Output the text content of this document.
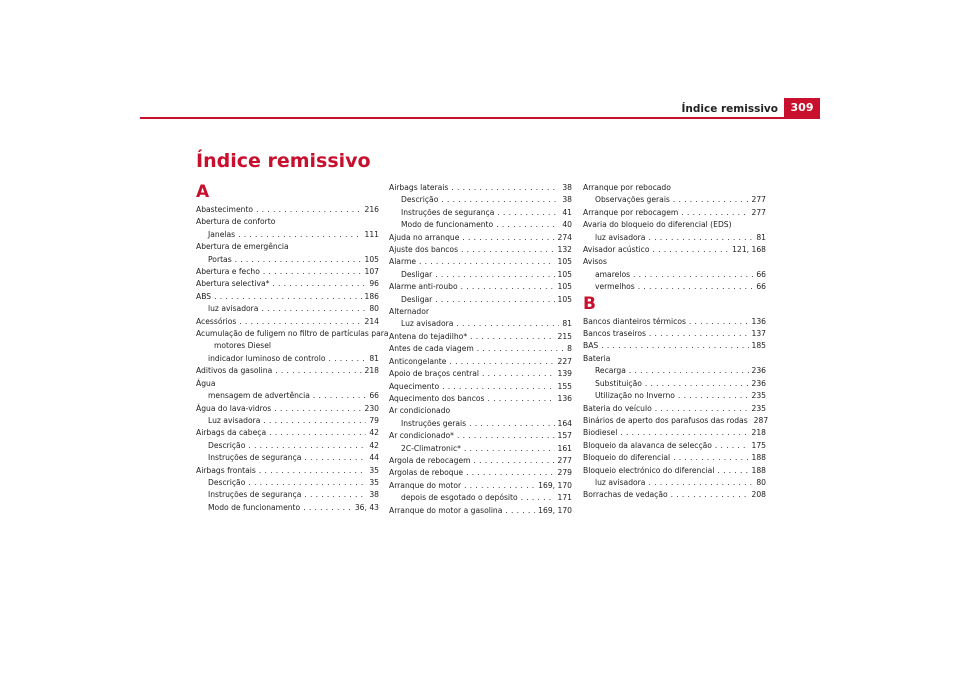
Índice remissivo	309
Índice remissivo
A
Abastecimento . . .	216
Abertura de conforto
Janelas . . .	111
Abertura de emergência
Portas . . .	105
Abertura e fecho . . .	107
Abertura selectiva* . . .	96
ABS . . .	186
luz avisadora . . .	80
Acessórios . . .	214
Acumulação de fuligem no filtro de partículas para
motores Diesel
indicador luminoso de controlo . . .	81
Aditivos da gasolina . . .	218
Água
mensagem de advertência . . .	66
Água do lava-vidros . . .	230
Luz avisadora . . .	79
Airbags da cabeça . . .	42
Descrição . . .	42
Instruções de segurança . . .	44
Airbags frontais . . .	35
Descrição . . .	35
Instruções de segurança . . .	38
Modo de funcionamento . . .	36, 43
Airbags laterais . . .	38
Descrição . . .	38
Instruções de segurança . . .	41
Modo de funcionamento . . .	40
Ajuda no arranque . . .	274
Ajuste dos bancos . . .	132
Alarme . . .	105
Desligar . . .	105
Alarme anti-roubo . . .	105
Desligar . . .	105
Alternador
Luz avisadora . . .	81
Antena do tejadilho* . . .	215
Antes de cada viagem . . .	8
Anticongelante . . .	227
Apoio de braços central . . .	139
Aquecimento . . .	155
Aquecimento dos bancos . . .	136
Ar condicionado
Instruções gerais . . .	164
Ar condicionado* . . .	157
2C-Climatronic* . . .	161
Argola de rebocagem . . .	277
Argolas de reboque . . .	279
Arranque do motor . . .	169, 170
depois de esgotado o depósito . . .	171
Arranque do motor a gasolina . . .	169, 170
Arranque por rebocado
Observações gerais . . .	277
Arranque por rebocagem . . .	277
Avaria do bloqueio do diferencial (EDS)
luz avisadora . . .	81
Avisador acústico . . .	121, 168
Avisos
amarelos . . .	66
vermelhos . . .	66
B
Bancos dianteiros térmicos . . .	136
Bancos traseiros . . .	137
BAS . . .	185
Bateria
Recarga . . .	236
Substituição . . .	236
Utilização no Inverno . . .	235
Bateria do veículo . . .	235
Binários de aperto dos parafusos das rodas 287
Biodiesel . . .	218
Bloqueio da alavanca de selecção . . .	175
Bloqueio do diferencial . . .	188
Bloqueio electrónico do diferencial . . .	188
luz avisadora . . .	80
Borrachas de vedação . . .	208
